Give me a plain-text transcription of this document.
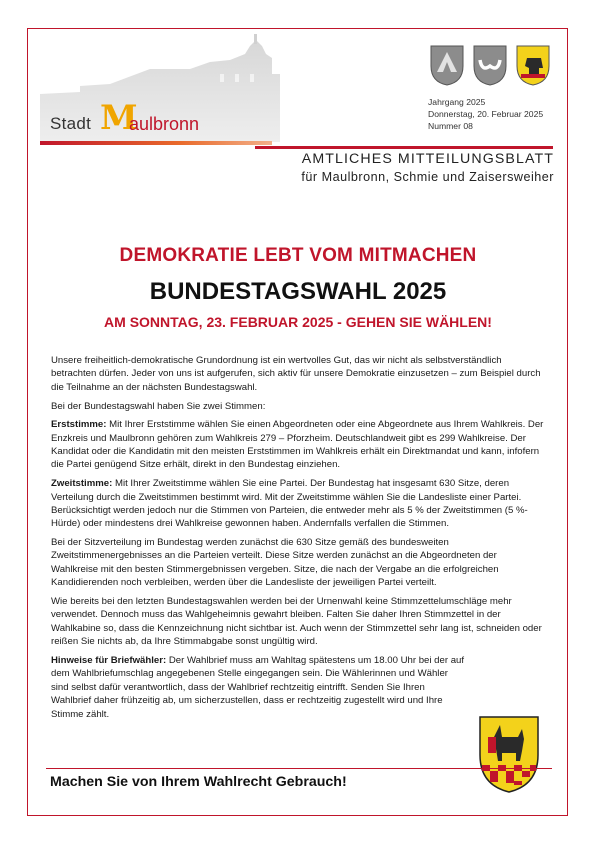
Stadt M
aulbronn
Jahrgang 2025
Donnerstag, 20. Februar 2025
Nummer 08
AMTLICHES MITTEILUNGSBLATT
für Maulbronn, Schmie und Zaisersweiher
DEMOKRATIE LEBT VOM MITMACHEN
BUNDESTAGSWAHL 2025
AM SONNTAG, 23. FEBRUAR 2025 - GEHEN SIE WÄHLEN!

Unsere freiheitlich-demokratische Grundordnung ist ein wertvolles Gut, das wir nicht als selbstverständlich betrachten dürfen. Jeder von uns ist aufgerufen, sich aktiv für unsere Demokratie einzusetzen – zum Beispiel durch die Teilnahme an der nächsten Bundestagswahl.

Bei der Bundestagswahl haben Sie zwei Stimmen:

Erststimme: Mit Ihrer Erststimme wählen Sie einen Abgeordneten oder eine Abgeordnete aus Ihrem Wahlkreis. Der Enzkreis und Maulbronn gehören zum Wahlkreis 279 – Pforzheim. Deutschlandweit gibt es 299 Wahlkreise. Der Kandidat oder die Kandidatin mit den meisten Erststimmen im Wahlkreis erhält ein Direktmandat und kann, infofern die Partei genügend Sitze erhält, direkt in den Bundestag einziehen.

Zweitstimme: Mit Ihrer Zweitstimme wählen Sie eine Partei. Der Bundestag hat insgesamt 630 Sitze, deren Verteilung durch die Zweitstimmen bestimmt wird. Mit der Zweitstimme wählen Sie die Landesliste einer Partei. Berücksichtigt werden jedoch nur die Stimmen von Parteien, die entweder mehr als 5 % der Zweitstimmen (5 %-Hürde) oder mindestens drei Wahlkreise gewonnen haben. Andernfalls verfallen die Stimmen.

Bei der Sitzverteilung im Bundestag werden zunächst die 630 Sitze gemäß des bundesweiten Zweitstimmenergebnisses an die Parteien verteilt. Diese Sitze werden zunächst an die Abgeordneten der Wahlkreise mit den besten Stimmergebnissen vergeben. Sitze, die nach der Vergabe an die erfolgreichen Kandidierenden noch verbleiben, werden über die Landesliste der jeweiligen Partei verteilt.

Wie bereits bei den letzten Bundestagswahlen werden bei der Urnenwahl keine Stimmzettelumschläge mehr verwendet. Dennoch muss das Wahlgeheimnis gewahrt bleiben. Falten Sie daher Ihren Stimmzettel in der Wahlkabine so, dass die Kennzeichnung nicht sichtbar ist. Auch wenn der Stimmzettel sehr lang ist, schneiden oder reißen Sie nichts ab, da Ihre Stimmabgabe sonst ungültig wird.

Hinweise für Briefwähler: Der Wahlbrief muss am Wahltag spätestens um 18.00 Uhr bei der auf dem Wahlbriefumschlag angegebenen Stelle eingegangen sein. Die Wählerinnen und Wähler sind selbst dafür verantwortlich, dass der Wahlbrief rechtzeitig eintrifft. Senden Sie Ihren Wahlbrief daher frühzeitig ab, um sicherzustellen, dass er rechtzeitig zugestellt wird und Ihre Stimme zählt.

Machen Sie von Ihrem Wahlrecht Gebrauch!
